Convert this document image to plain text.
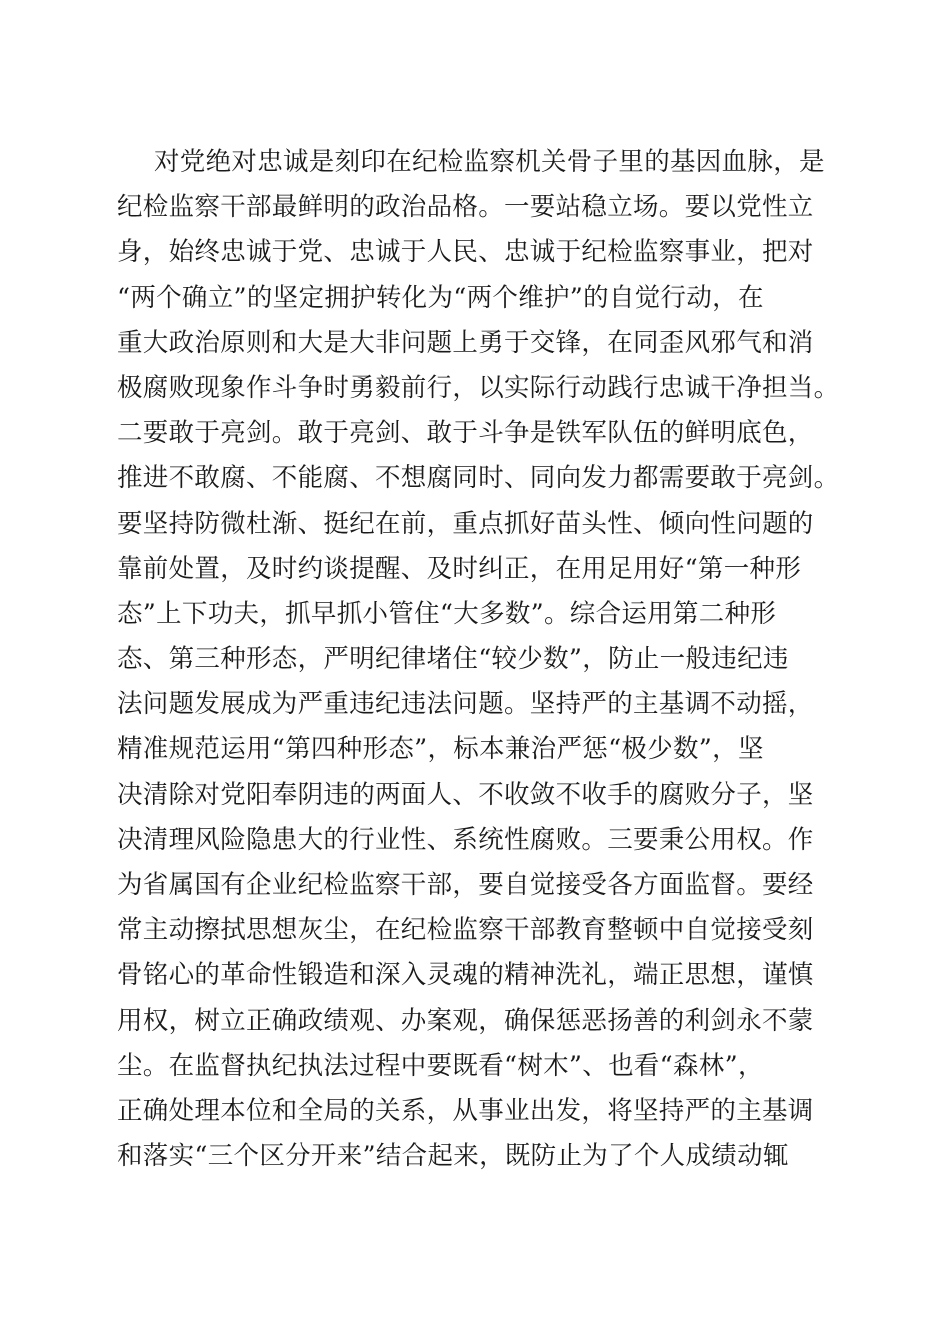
对党绝对忠诚是刻印在纪检监察机关骨子里的基因血脉，是
纪检监察干部最鲜明的政治品格。一要站稳立场。要以党性立
身，始终忠诚于党、忠诚于人民、忠诚于纪检监察事业，把对
“两个确立”的坚定拥护转化为“两个维护”的自觉行动，在
重大政治原则和大是大非问题上勇于交锋，在同歪风邪气和消
极腐败现象作斗争时勇毅前行，以实际行动践行忠诚干净担当。
二要敢于亮剑。敢于亮剑、敢于斗争是铁军队伍的鲜明底色，
推进不敢腐、不能腐、不想腐同时、同向发力都需要敢于亮剑。
要坚持防微杜渐、挺纪在前，重点抓好苗头性、倾向性问题的
靠前处置，及时约谈提醒、及时纠正，在用足用好“第一种形
态”上下功夫，抓早抓小管住“大多数”。综合运用第二种形
态、第三种形态，严明纪律堵住“较少数”，防止一般违纪违
法问题发展成为严重违纪违法问题。坚持严的主基调不动摇，
精准规范运用“第四种形态”，标本兼治严惩“极少数”，坚
决清除对党阳奉阴违的两面人、不收敛不收手的腐败分子，坚
决清理风险隐患大的行业性、系统性腐败。三要秉公用权。作
为省属国有企业纪检监察干部，要自觉接受各方面监督。要经
常主动擦拭思想灰尘，在纪检监察干部教育整顿中自觉接受刻
骨铭心的革命性锻造和深入灵魂的精神洗礼，端正思想，谨慎
用权，树立正确政绩观、办案观，确保惩恶扬善的利剑永不蒙
尘。在监督执纪执法过程中要既看“树木”、也看“森林”，
正确处理本位和全局的关系，从事业出发，将坚持严的主基调
和落实“三个区分开来”结合起来，既防止为了个人成绩动辄
